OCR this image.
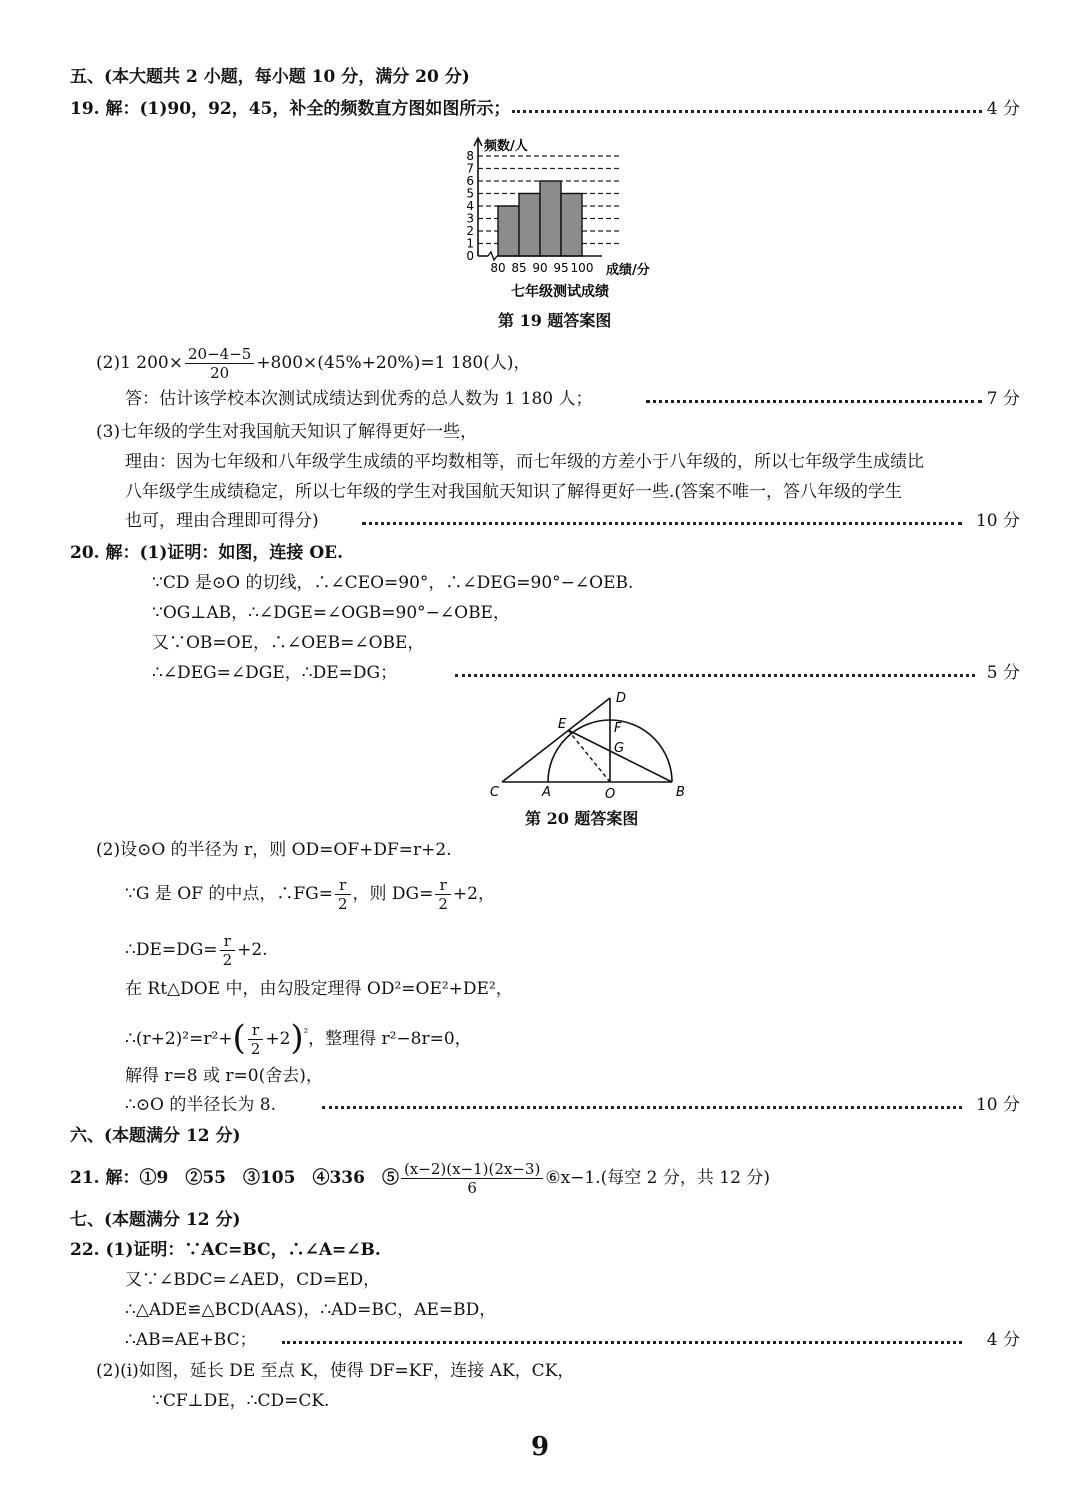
五、(本大题共 2 小题，每小题 10 分，满分 20 分)
19. 解：(1)90，92，45，补全的频数直方图如图所示；	4 分
0
1
2
3
4
5
6
7
8
80 85 90 95 100
频数/人
成绩/分
七年级测试成绩
第 19 题答案图
(2)1 $200\times \frac{20-4-5}{20} +800\times(45\%+20\%)=1$ 180(人)，
答：估计该学校本次测试成绩达到优秀的总人数为 1 180 人；	7 分
(3)七年级的学生对我国航天知识了解得更好一些，
理由：因为七年级和八年级学生成绩的平均数相等，而七年级的方差小于八年级的，所以七年级学生成绩比
八年级学生成绩稳定，所以七年级的学生对我国航天知识了解得更好一些.(答案不唯一，答八年级的学生
也可，理由合理即可得分)	10 分
20. 解：(1)证明：如图，连接 OE.
∵CD 是⊙O 的切线，∴∠CEO=90°，∴∠DEG=90°−∠OEB.
∵OG⊥AB，∴∠DGE=∠OGB=90°−∠OBE，
又∵OB=OE，∴∠OEB=∠OBE，
∴∠DEG=∠DGE，∴DE=DG；	5 分
D
E	F
G
C	A	O	B
第 20 题答案图
(2)设⊙O 的半径为 r，则 OD=OF+DF=r+2.
∵G 是 OF 的中点，∴FG= $\frac{r}{2}$ ，则 $DG= \frac{r}{2} +2$，
∴DE=DG= $\frac{r}{2} +2$.
在 Rt△DOE 中，由勾股定理得 OD²=OE²+DE²，
∴(r+2)²=r²+( $\frac{r}{2} +2)^{^2}$，整理得 r²−8r=0，
解得 r=8 或 r=0(舍去)，
∴⊙O 的半径长为 8.	10 分
六、(本题满分 12 分)
21. 解：①9　②55　③105　④336　⑤ $\frac{(x-2)(x-1)(2x-3)}{6}$ ⑥x−1.(每空 2 分，共 12 分)
七、(本题满分 12 分)
22. (1)证明：∵AC=BC，∴∠A=∠B.
又∵∠BDC=∠AED，CD=ED，
∴△ADE≌△BCD(AAS)，∴AD=BC，AE=BD，
∴AB=AE+BC；	4 分
(2)(ⅰ)如图，延长 DE 至点 K，使得 DF=KF，连接 AK，CK，
∵CF⊥DE，∴CD=CK.
9
